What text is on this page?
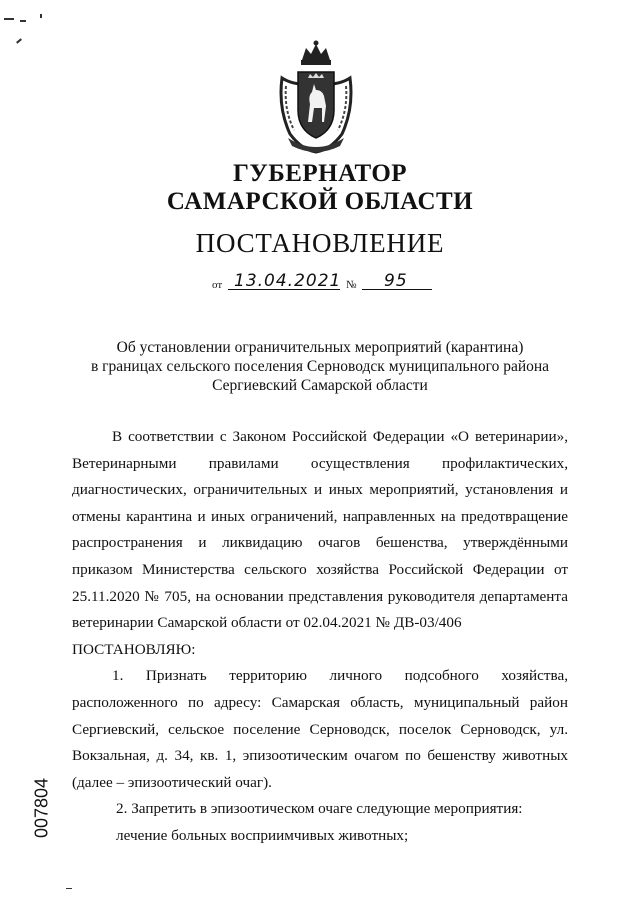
ГУБЕРНАТОР
САМАРСКОЙ ОБЛАСТИ
ПОСТАНОВЛЕНИЕ
от 13.04.2021 № 95
Об установлении ограничительных мероприятий (карантина)
в границах сельского поселения Серноводск муниципального района
Сергиевский Самарской области

В соответствии с Законом Российской Федерации «О ветеринарии», Ветеринарными правилами осуществления профилактических, диагностических, ограничительных и иных мероприятий, установления и отмены карантина и иных ограничений, направленных на предотвращение распространения и ликвидацию очагов бешенства, утверждёнными приказом Министерства сельского хозяйства Российской Федерации от 25.11.2020 № 705, на основании представления руководителя департамента ветеринарии Самарской области от 02.04.2021 № ДВ-03/406

ПОСТАНОВЛЯЮ:

1. Признать территорию личного подсобного хозяйства, расположенного по адресу: Самарская область, муниципальный район Сергиевский, сельское поселение Серноводск, поселок Серноводск, ул. Вокзальная, д. 34, кв. 1, эпизоотическим очагом по бешенству животных (далее – эпизоотический очаг).

2. Запретить в эпизоотическом очаге следующие мероприятия:

лечение больных восприимчивых животных;

007804
